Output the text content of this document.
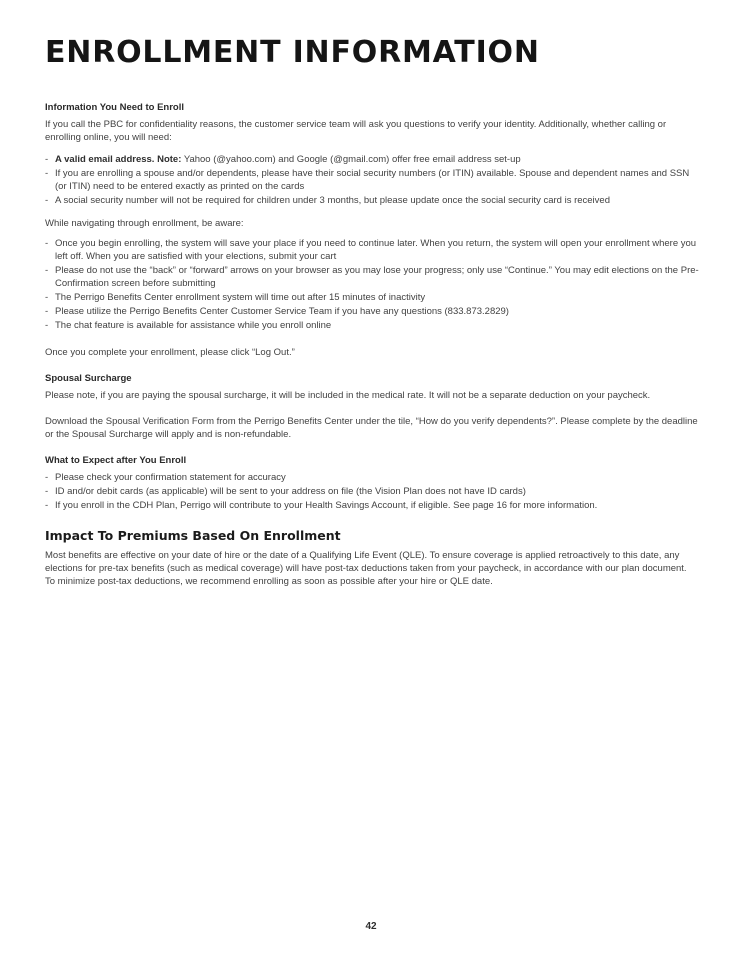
ENROLLMENT INFORMATION
Information You Need to Enroll

If you call the PBC for confidentiality reasons, the customer service team will ask you questions to verify your identity. Additionally, whether calling or enrolling online, you will need:

- A valid email address. Note: Yahoo (@yahoo.com) and Google (@gmail.com) offer free email address set-up
- If you are enrolling a spouse and/or dependents, please have their social security numbers (or ITIN) available. Spouse and dependent names and SSN (or ITIN) need to be entered exactly as printed on the cards
- A social security number will not be required for children under 3 months, but please update once the social security card is received

While navigating through enrollment, be aware:

- Once you begin enrolling, the system will save your place if you need to continue later. When you return, the system will open your enrollment where you left off. When you are satisfied with your elections, submit your cart
- Please do not use the “back” or “forward” arrows on your browser as you may lose your progress; only use “Continue.” You may edit elections on the Pre-Confirmation screen before submitting
- The Perrigo Benefits Center enrollment system will time out after 15 minutes of inactivity
- Please utilize the Perrigo Benefits Center Customer Service Team if you have any questions (833.873.2829)
- The chat feature is available for assistance while you enroll online

Once you complete your enrollment, please click “Log Out.”

Spousal Surcharge

Please note, if you are paying the spousal surcharge, it will be included in the medical rate. It will not be a separate deduction on your paycheck.

Download the Spousal Verification Form from the Perrigo Benefits Center under the tile, “How do you verify dependents?”. Please complete by the deadline or the Spousal Surcharge will apply and is non-refundable.

What to Expect after You Enroll
- Please check your confirmation statement for accuracy
- ID and/or debit cards (as applicable) will be sent to your address on file (the Vision Plan does not have ID cards)
- If you enroll in the CDH Plan, Perrigo will contribute to your Health Savings Account, if eligible. See page 16 for more information.
Impact To Premiums Based On Enrollment

Most benefits are effective on your date of hire or the date of a Qualifying Life Event (QLE). To ensure coverage is applied retroactively to this date, any elections for pre-tax benefits (such as medical coverage) will have post-tax deductions taken from your paycheck, in accordance with our plan document. To minimize post-tax deductions, we recommend enrolling as soon as possible after your hire or QLE date.

42
